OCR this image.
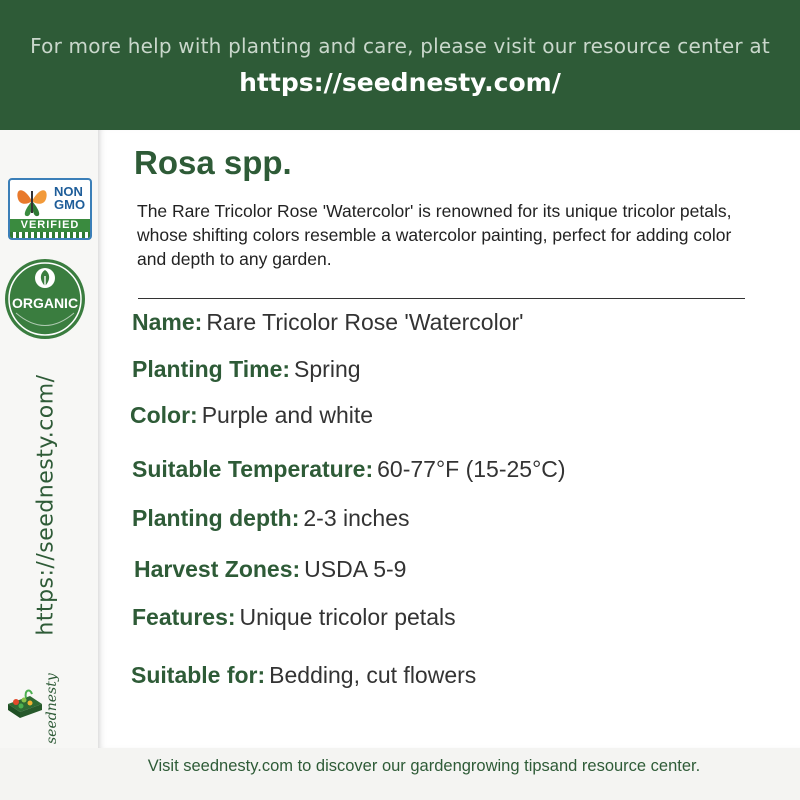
For more help with planting and care, please visit our resource center at
https://seednesty.com/
NON
GMO
VERIFIED
ORGANIC
https://seednesty.com/
seednesty
Rosa spp.
The Rare Tricolor Rose 'Watercolor' is renowned for its unique tricolor petals, whose shifting colors resemble a watercolor painting, perfect for adding color and depth to any garden.
Name: Rare Tricolor Rose 'Watercolor'
Planting Time: Spring
Color: Purple and white
Suitable Temperature: 60-77°F (15-25°C)
Planting depth: 2-3 inches
Harvest Zones: USDA 5-9
Features: Unique tricolor petals
Suitable for: Bedding, cut flowers
Visit seednesty.com to discover our gardengrowing tipsand resource center.
